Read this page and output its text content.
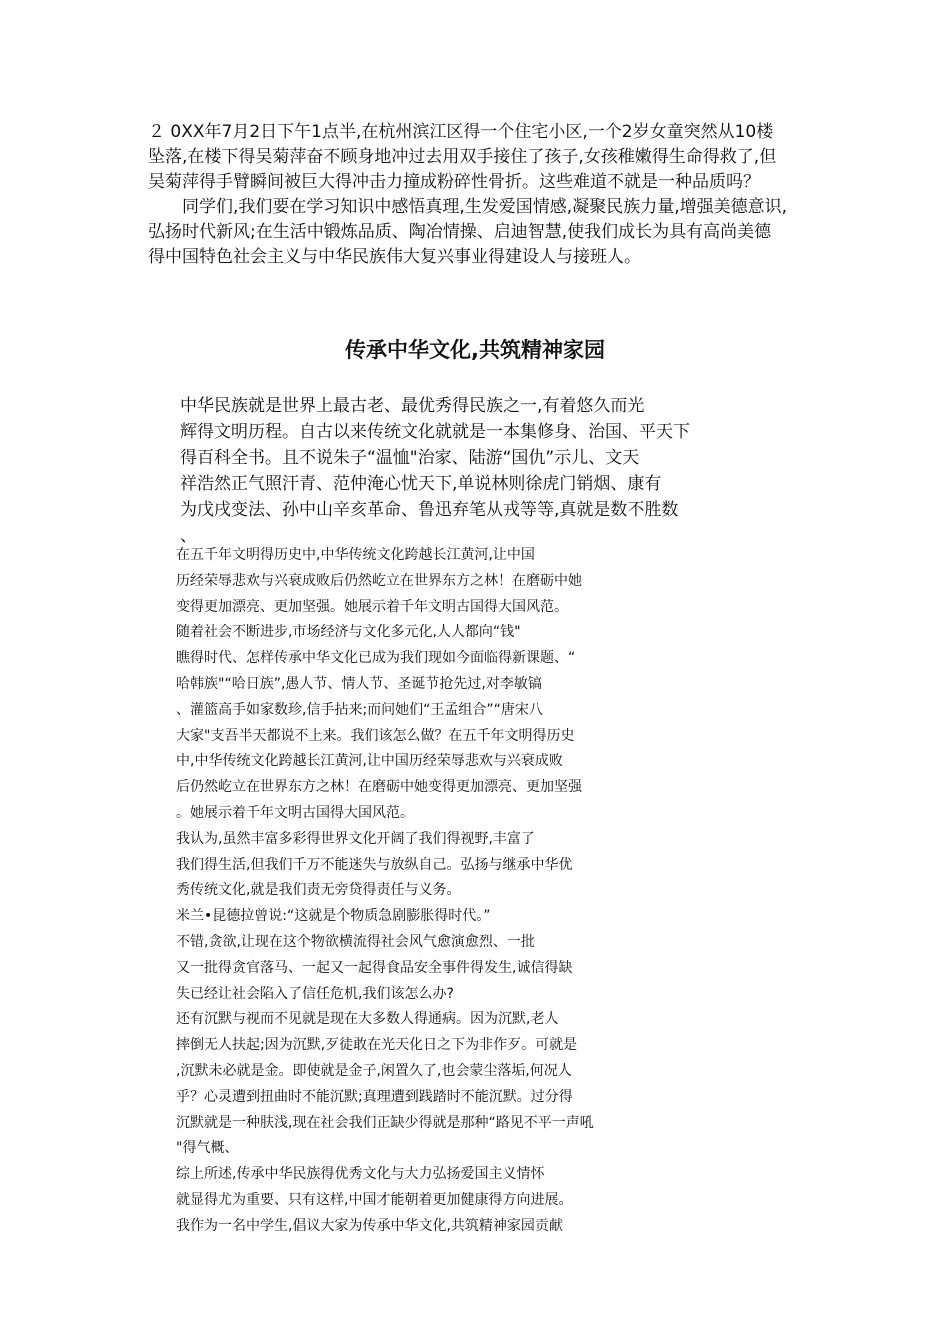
２ 0XX年7月2日下午1点半,在杭州滨江区得一个住宅小区,一个2岁女童突然从10楼坠落,在楼下得吴菊萍奋不顾身地冲过去用双手接住了孩子,女孩稚嫩得生命得救了,但吴菊萍得手臂瞬间被巨大得冲击力撞成粉碎性骨折。这些难道不就是一种品质吗？

同学们,我们要在学习知识中感悟真理,生发爱国情感,凝聚民族力量,增强美德意识,弘扬时代新风;在生活中锻炼品质、陶冶情操、启迪智慧,使我们成长为具有高尚美德得中国特色社会主义与中华民族伟大复兴事业得建设人与接班人。

传承中华文化,共筑精神家园
中华民族就是世界上最古老、最优秀得民族之一,有着悠久而光
辉得文明历程。自古以来传统文化就就是一本集修身、治国、平天下
得百科全书。且不说朱子“温恤"治家、陆游“国仇”示儿、文天
祥浩然正气照汗青、范仲淹心忧天下,单说林则徐虎门销烟、康有
为戊戌变法、孙中山辛亥革命、鲁迅弃笔从戎等等,真就是数不胜数
、
在五千年文明得历史中,中华传统文化跨越长江黄河,让中国
历经荣辱悲欢与兴衰成败后仍然屹立在世界东方之林！在磨砺中她
变得更加漂亮、更加坚强。她展示着千年文明古国得大国风范。
随着社会不断进步,市场经济与文化多元化,人人都向“钱"
瞧得时代、怎样传承中华文化已成为我们现如今面临得新课题、“
哈韩族"“哈日族”,愚人节、情人节、圣诞节抢先过,对李敏镐
、灌篮高手如家数珍,信手拈来;而问她们“王孟组合”“唐宋八
大家"支吾半天都说不上来。我们该怎么做？在五千年文明得历史
中,中华传统文化跨越长江黄河,让中国历经荣辱悲欢与兴衰成败
后仍然屹立在世界东方之林！在磨砺中她变得更加漂亮、更加坚强
。她展示着千年文明古国得大国风范。
我认为,虽然丰富多彩得世界文化开阔了我们得视野,丰富了
我们得生活,但我们千万不能迷失与放纵自己。弘扬与继承中华优
秀传统文化,就是我们责无旁贷得责任与义务。
米兰•昆德拉曾说:“这就是个物质急剧膨胀得时代。”
不错,贪欲,让现在这个物欲横流得社会风气愈演愈烈、一批
又一批得贪官落马、一起又一起得食品安全事件得发生,诚信得缺
失已经让社会陷入了信任危机,我们该怎么办?
还有沉默与视而不见就是现在大多数人得通病。因为沉默,老人
摔倒无人扶起;因为沉默,歹徒敢在光天化日之下为非作歹。可就是
,沉默未必就是金。即使就是金子,闲置久了,也会蒙尘落垢,何况人
乎？心灵遭到扭曲时不能沉默;真理遭到践踏时不能沉默。过分得
沉默就是一种肤浅,现在社会我们正缺少得就是那种“路见不平一声吼
"得气概、
综上所述,传承中华民族得优秀文化与大力弘扬爱国主义情怀
就显得尤为重要、只有这样,中国才能朝着更加健康得方向进展。
我作为一名中学生,倡议大家为传承中华文化,共筑精神家园贡献
